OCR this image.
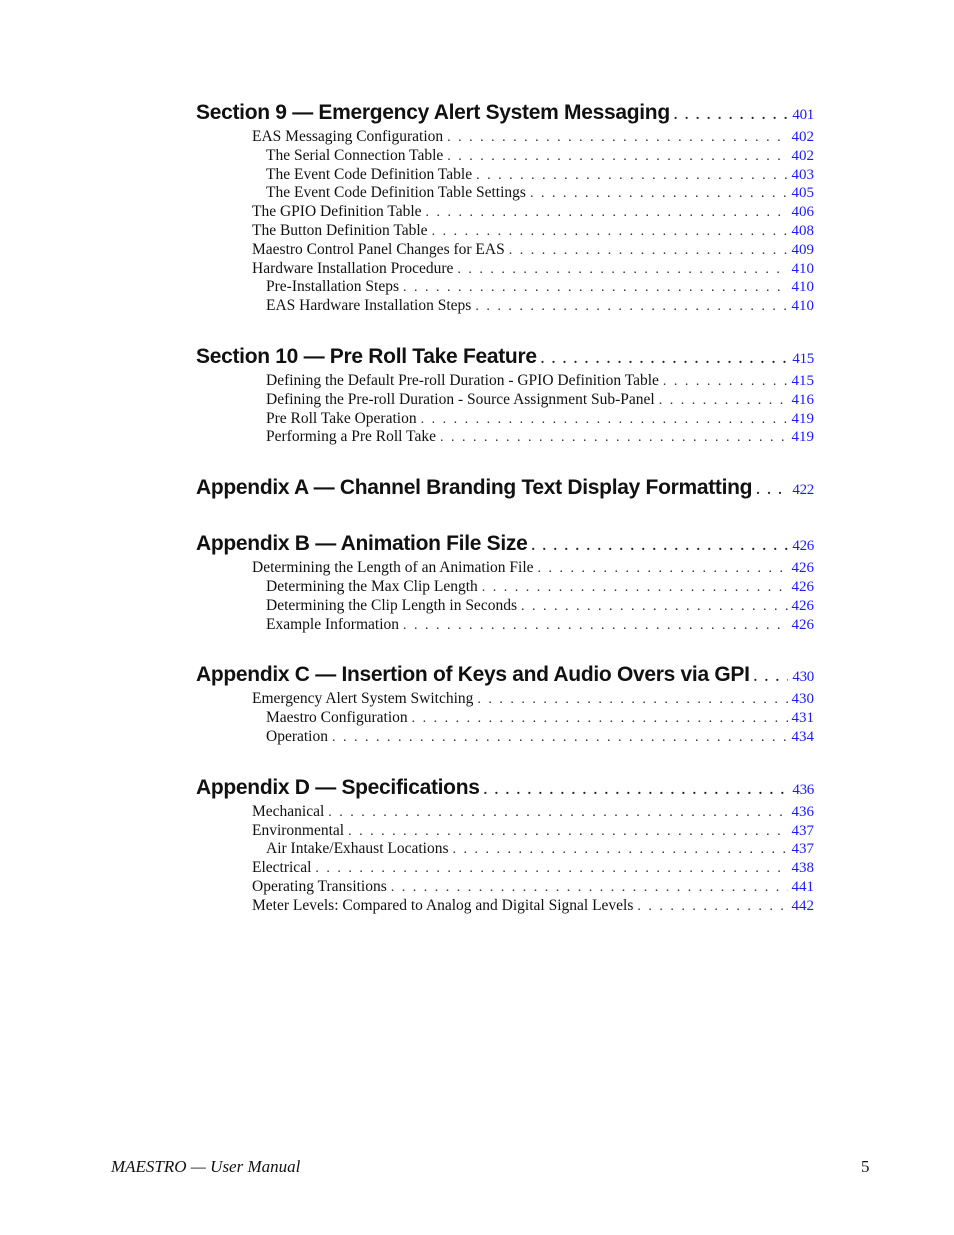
Section 9 — Emergency Alert System Messaging . . .	401
EAS Messaging Configuration . . .	402
The Serial Connection Table . . .	402
The Event Code Definition Table . . .	403
The Event Code Definition Table Settings . . .	405
The GPIO Definition Table . . .	406
The Button Definition Table . . .	408
Maestro Control Panel Changes for EAS . . .	409
Hardware Installation Procedure . . .	410
Pre-Installation Steps . . .	410
EAS Hardware Installation Steps . . .	410
Section 10 — Pre Roll Take Feature . . .	415
Defining the Default Pre-roll Duration - GPIO Definition Table . . .	415
Defining the Pre-roll Duration - Source Assignment Sub-Panel . . .	416
Pre Roll Take Operation . . .	419
Performing a Pre Roll Take . . .	419
Appendix A — Channel Branding Text Display Formatting . . .	422
Appendix B — Animation File Size . . .	426
Determining the Length of an Animation File . . .	426
Determining the Max Clip Length . . .	426
Determining the Clip Length in Seconds . . .	426
Example Information . . .	426
Appendix C — Insertion of Keys and Audio Overs via GPI . . .	430
Emergency Alert System Switching . . .	430
Maestro Configuration . . .	431
Operation . . .	434
Appendix D — Specifications . . .	436
Mechanical . . .	436
Environmental . . .	437
Air Intake/Exhaust Locations . . .	437
Electrical . . .	438
Operating Transitions . . .	441
Meter Levels: Compared to Analog and Digital Signal Levels . . .	442
MAESTRO — User Manual	5
